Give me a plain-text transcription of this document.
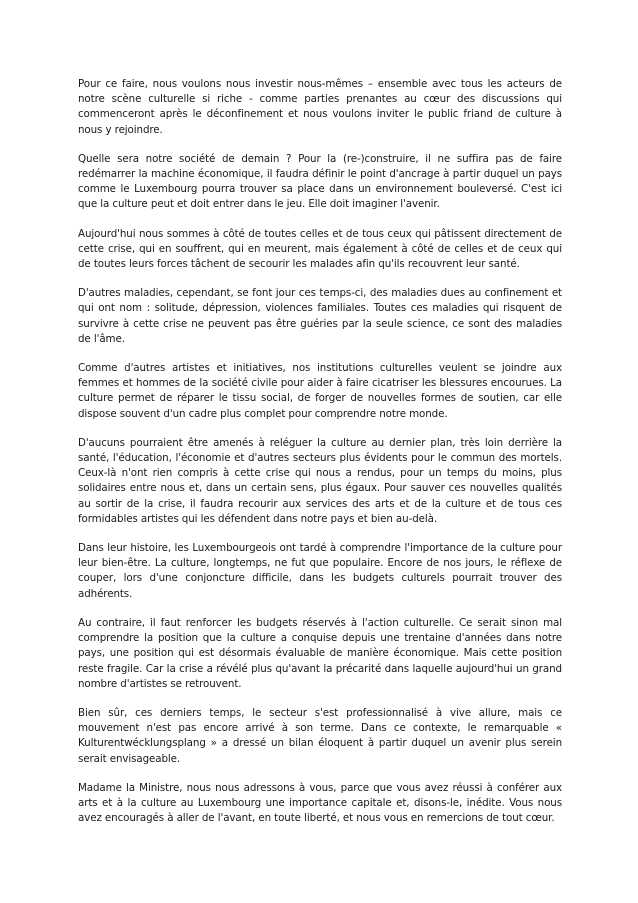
Pour ce faire, nous voulons nous investir nous-mêmes – ensemble avec tous les acteurs de notre scène culturelle si riche - comme parties prenantes au cœur des discussions qui commenceront après le déconfinement et nous voulons inviter le public friand de culture à nous y rejoindre.

Quelle sera notre société de demain ? Pour la (re-)construire, il ne suffira pas de faire redémarrer la machine économique, il faudra définir le point d'ancrage à partir duquel un pays comme le Luxembourg pourra trouver sa place dans un environnement bouleversé. C'est ici que la culture peut et doit entrer dans le jeu. Elle doit imaginer l'avenir.

Aujourd'hui nous sommes à côté de toutes celles et de tous ceux qui pâtissent directement de cette crise, qui en souffrent, qui en meurent, mais également à côté de celles et de ceux qui de toutes leurs forces tâchent de secourir les malades afin qu'ils recouvrent leur santé.

D'autres maladies, cependant, se font jour ces temps-ci, des maladies dues au confinement et qui ont nom : solitude, dépression, violences familiales. Toutes ces maladies qui risquent de survivre à cette crise ne peuvent pas être guéries par la seule science, ce sont des maladies de l'âme.

Comme d'autres artistes et initiatives, nos institutions culturelles veulent se joindre aux femmes et hommes de la société civile pour aider à faire cicatriser les blessures encourues. La culture permet de réparer le tissu social, de forger de nouvelles formes de soutien, car elle dispose souvent d'un cadre plus complet pour comprendre notre monde.

D'aucuns pourraient être amenés à reléguer la culture au dernier plan, très loin derrière la santé, l'éducation, l'économie et d'autres secteurs plus évidents pour le commun des mortels. Ceux-là n'ont rien compris à cette crise qui nous a rendus, pour un temps du moins, plus solidaires entre nous et, dans un certain sens, plus égaux. Pour sauver ces nouvelles qualités au sortir de la crise, il faudra recourir aux services des arts et de la culture et de tous ces formidables artistes qui les défendent dans notre pays et bien au-delà.

Dans leur histoire, les Luxembourgeois ont tardé à comprendre l'importance de la culture pour leur bien-être. La culture, longtemps, ne fut que populaire. Encore de nos jours, le réflexe de couper, lors d'une conjoncture difficile, dans les budgets culturels pourrait trouver des adhérents.

Au contraire, il faut renforcer les budgets réservés à l'action culturelle. Ce serait sinon mal comprendre la position que la culture a conquise depuis une trentaine d'années dans notre pays, une position qui est désormais évaluable de manière économique. Mais cette position reste fragile. Car la crise a révélé plus qu'avant la précarité dans laquelle aujourd'hui un grand nombre d'artistes se retrouvent.

Bien sûr, ces derniers temps, le secteur s'est professionnalisé à vive allure, mais ce mouvement n'est pas encore arrivé à son terme. Dans ce contexte, le remarquable « Kulturentwécklungsplang » a dressé un bilan éloquent à partir duquel un avenir plus serein serait envisageable.

Madame la Ministre, nous nous adressons à vous, parce que vous avez réussi à conférer aux arts et à la culture au Luxembourg une importance capitale et, disons-le, inédite. Vous nous avez encouragés à aller de l'avant, en toute liberté, et nous vous en remercions de tout cœur.
